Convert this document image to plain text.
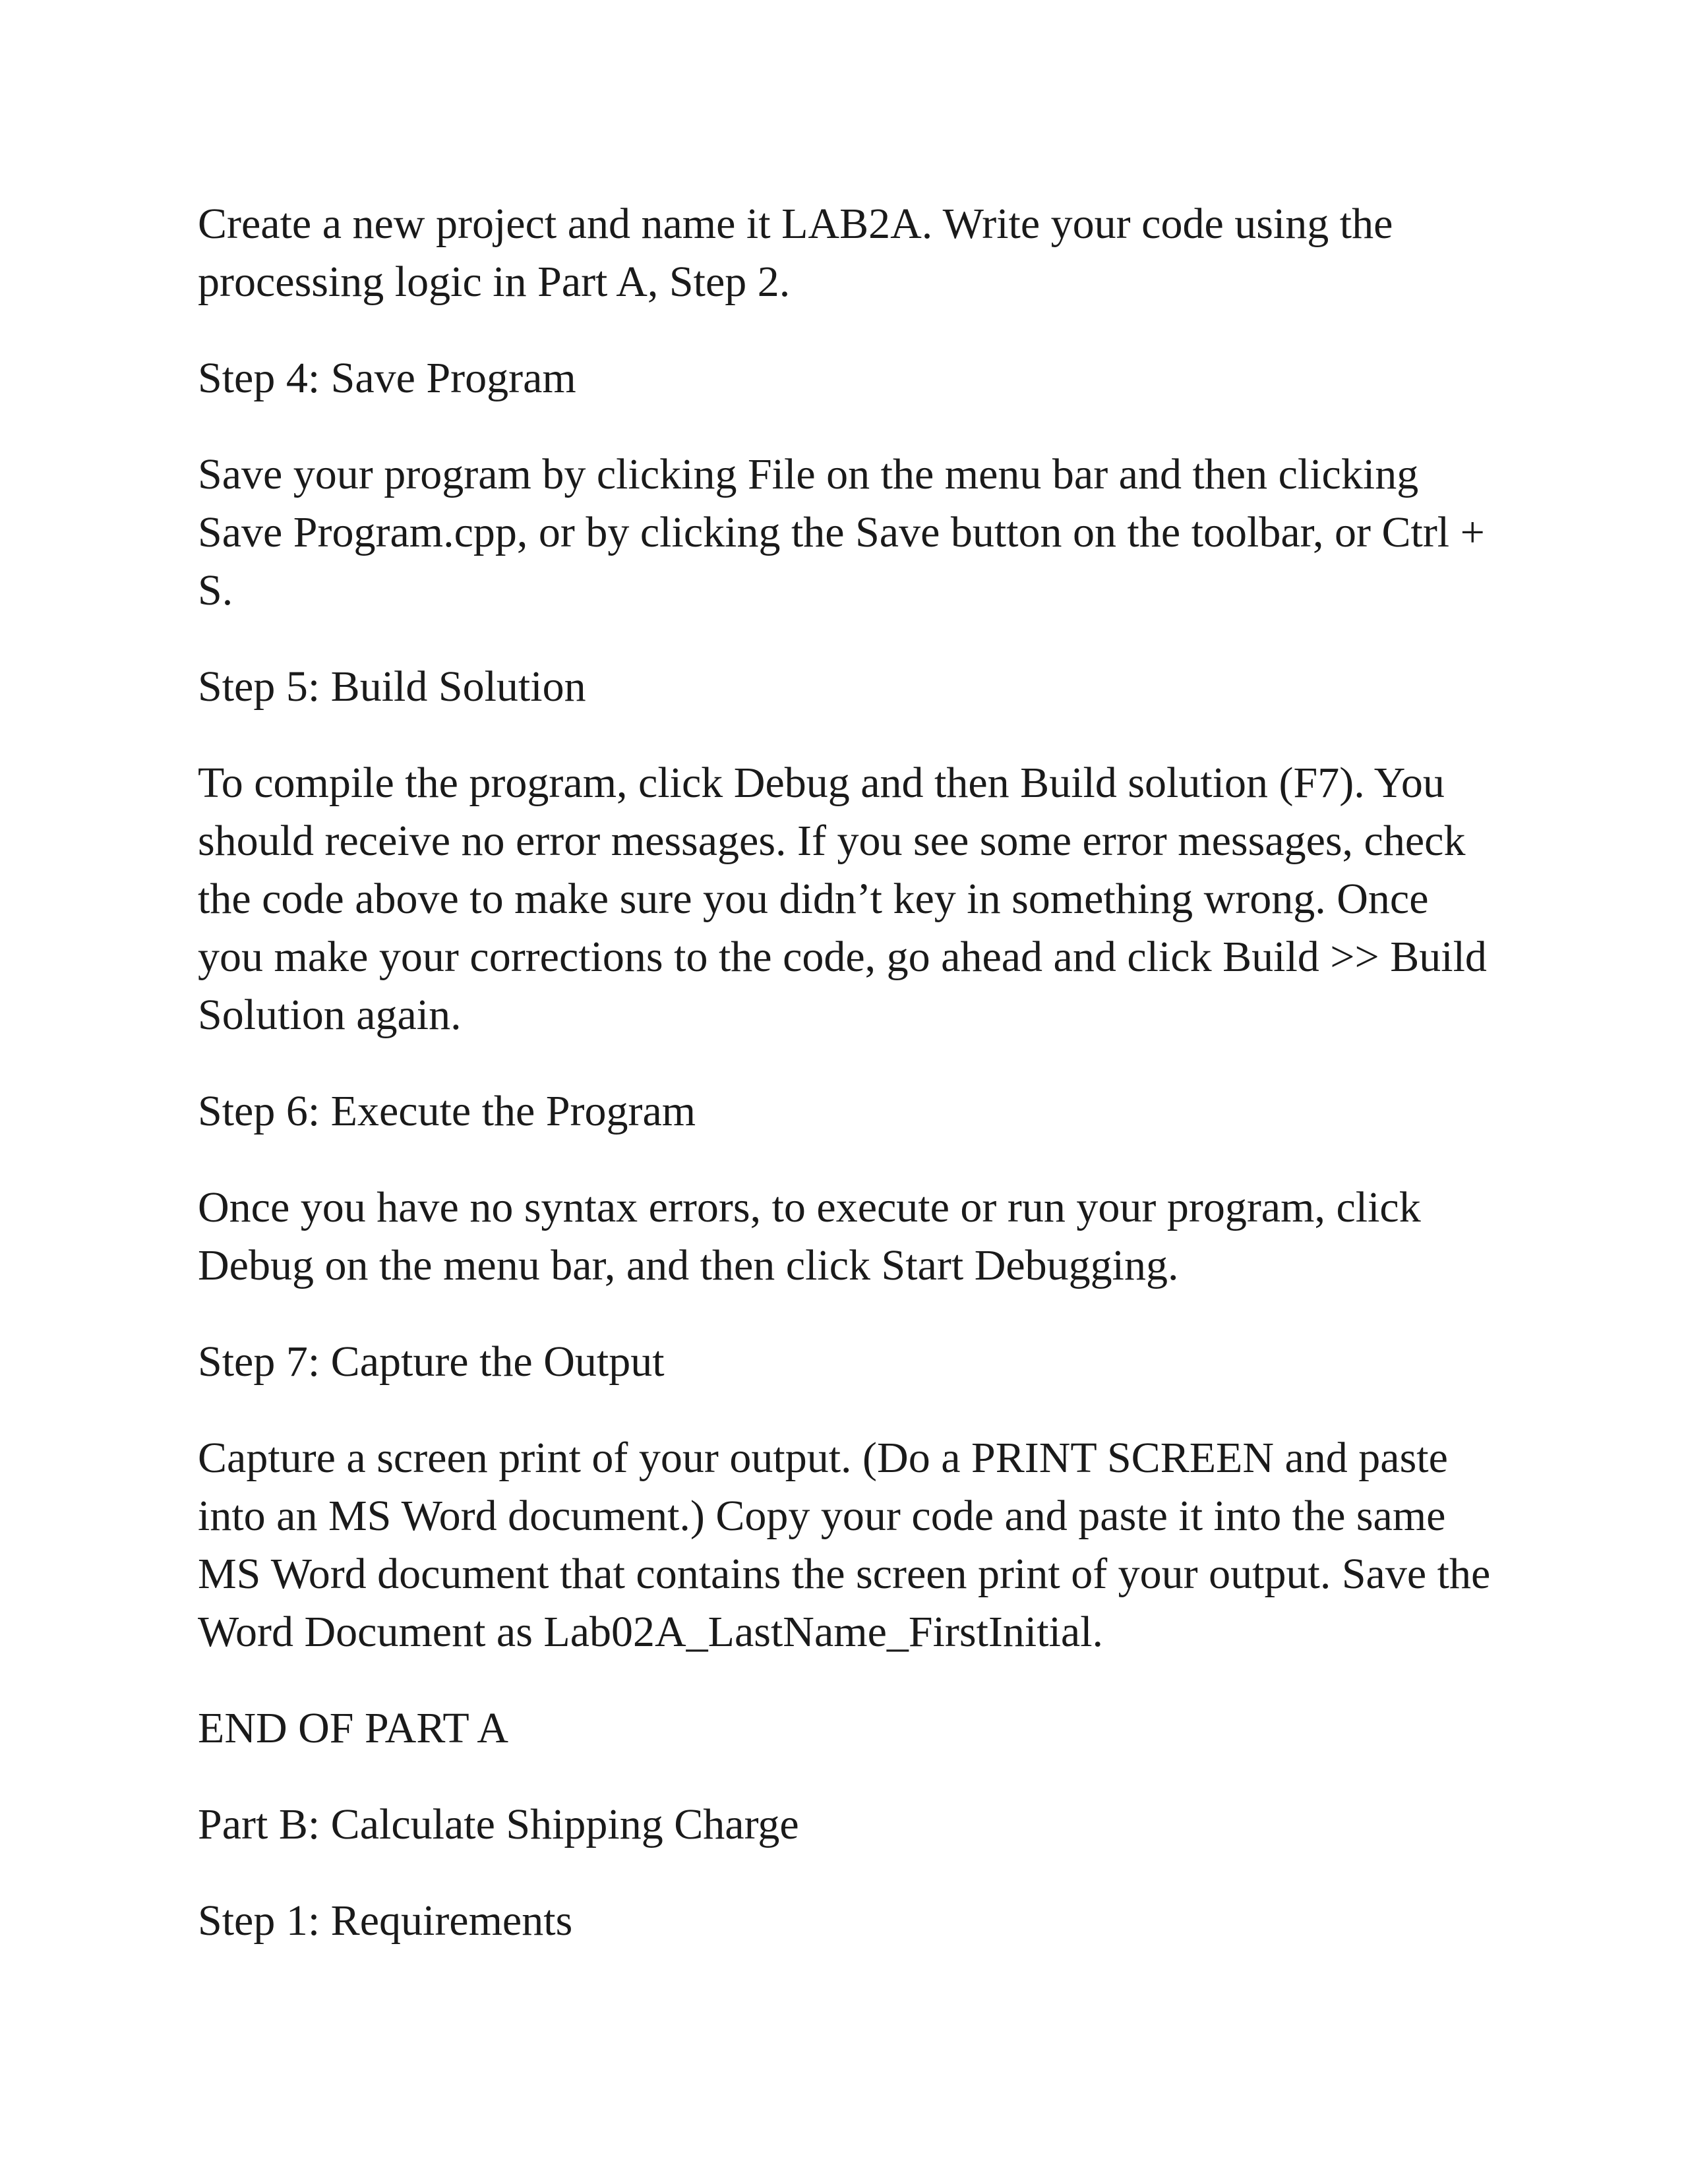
Create a new project and name it LAB2A. Write your code using the processing logic in Part A, Step 2.

Step 4: Save Program

Save your program by clicking File on the menu bar and then clicking Save Program.cpp, or by clicking the Save button on the toolbar, or Ctrl + S.

Step 5: Build Solution

To compile the program, click Debug and then Build solution (F7). You should receive no error messages. If you see some error messages, check the code above to make sure you didn’t key in something wrong. Once you make your corrections to the code, go ahead and click Build >> Build Solution again.

Step 6: Execute the Program

Once you have no syntax errors, to execute or run your program, click Debug on the menu bar, and then click Start Debugging.

Step 7: Capture the Output

Capture a screen print of your output. (Do a PRINT SCREEN and paste into an MS Word document.) Copy your code and paste it into the same MS Word document that contains the screen print of your output. Save the Word Document as Lab02A_LastName_FirstInitial.

END OF PART A

Part B: Calculate Shipping Charge

Step 1: Requirements
